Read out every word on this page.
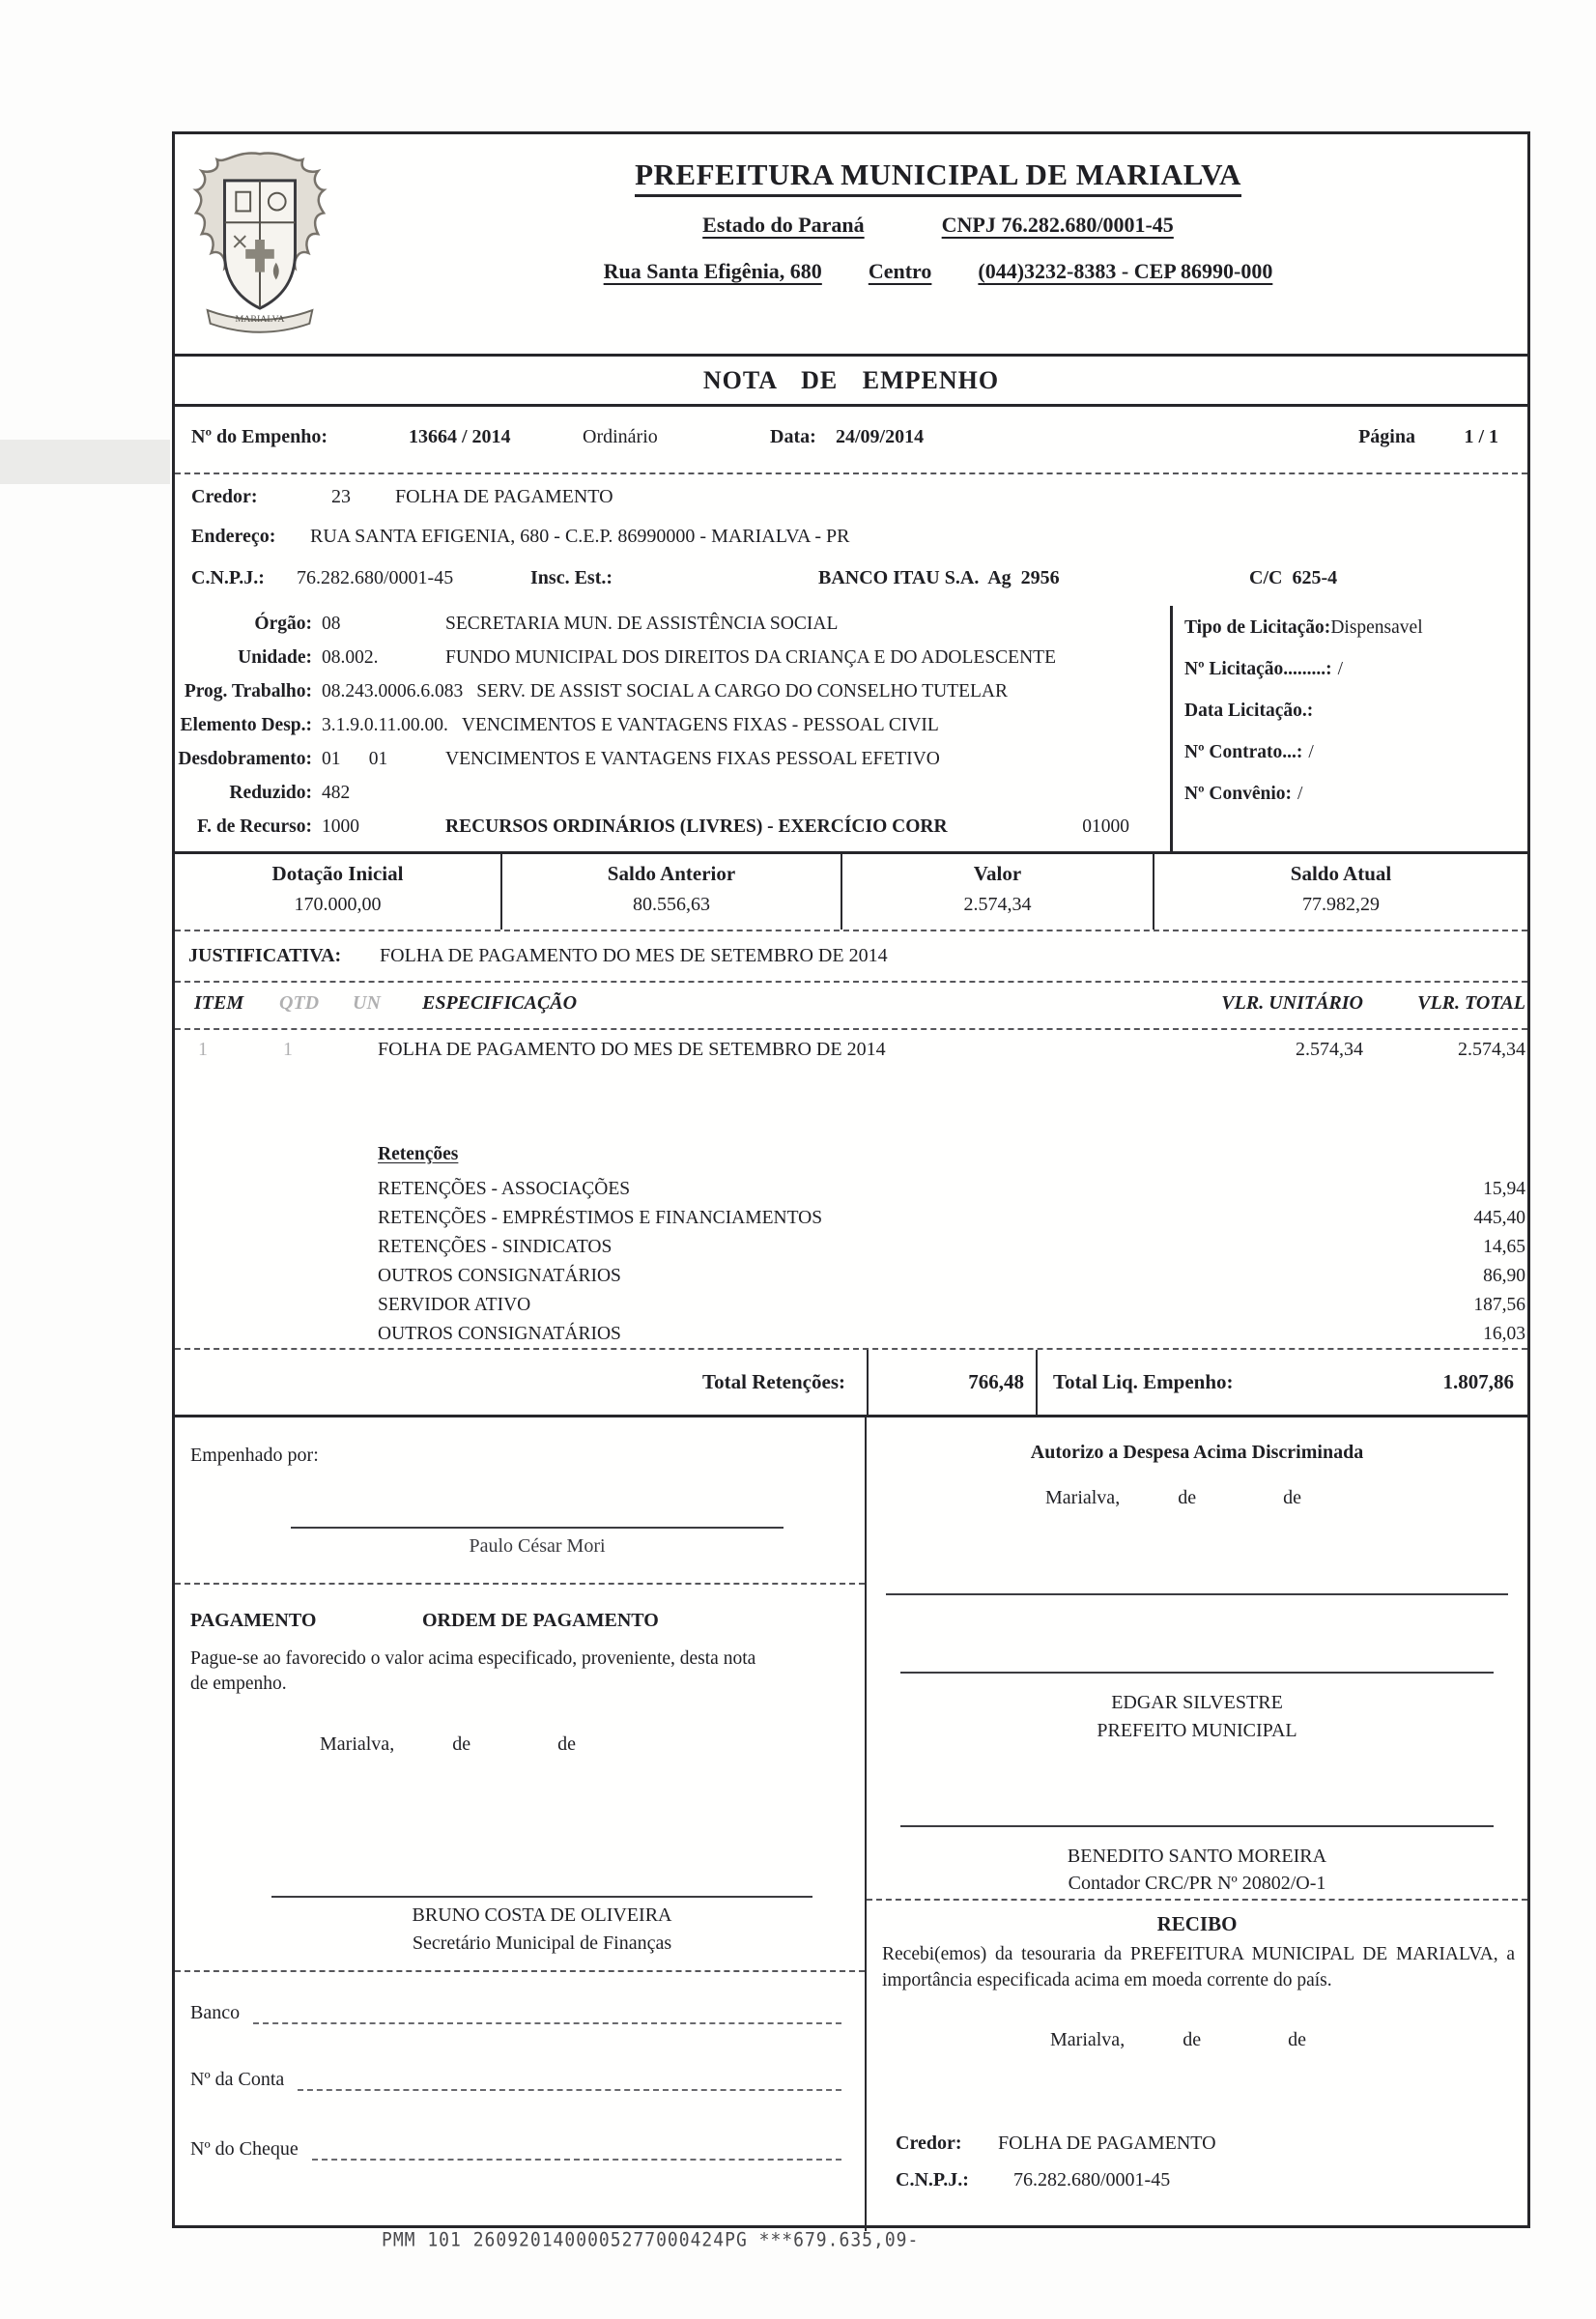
MARIALVA
PREFEITURA MUNICIPAL DE MARIALVA
Estado do Paraná	CNPJ 76.282.680/0001-45
Rua Santa Efigênia, 680 Centro (044)3232-8383 - CEP 86990-000
NOTA DE EMPENHO
Nº do Empenho:	13664 / 2014	Ordinário	Data: 24/09/2014	Página	1 / 1
Credor:	23 FOLHA DE PAGAMENTO
Endereço: RUA SANTA EFIGENIA, 680 - C.E.P. 86990000 - MARIALVA - PR
C.N.P.J.: 76.282.680/0001-45	Insc. Est.:	BANCO ITAU S.A.  Ag  2956	C/C  625-4
Órgão: 08	SECRETARIA MUN. DE ASSISTÊNCIA SOCIAL
Unidade: 08.002.	FUNDO MUNICIPAL DOS DIREITOS DA CRIANÇA E DO ADOLESCENTE
Prog. Trabalho: 08.243.0006.6.083 SERV. DE ASSIST SOCIAL A CARGO DO CONSELHO TUTELAR
Elemento Desp.: 3.1.9.0.11.00.00. VENCIMENTOS E VANTAGENS FIXAS - PESSOAL CIVIL
Desdobramento: 01      01	VENCIMENTOS E VANTAGENS FIXAS PESSOAL EFETIVO
Reduzido: 482
F. de Recurso: 1000	RECURSOS ORDINÁRIOS (LIVRES) - EXERCÍCIO CORR	01000
Tipo de Licitação:Dispensavel
Nº Licitação.........: /
Data Licitação.:
Nº Contrato...: /
Nº Convênio: /
Dotação Inicial
170.000,00
Saldo Anterior
80.556,63
Valor
2.574,34
Saldo Atual
77.982,29
JUSTIFICATIVA: FOLHA DE PAGAMENTO DO MES DE SETEMBRO DE 2014
ITEM QTD UN ESPECIFICAÇÃO	VLR. UNITÁRIO	VLR. TOTAL
1	1	FOLHA DE PAGAMENTO DO MES DE SETEMBRO DE 2014	2.574,34	2.574,34
Retenções
RETENÇÕES - ASSOCIAÇÕES	15,94
RETENÇÕES - EMPRÉSTIMOS E FINANCIAMENTOS	445,40
RETENÇÕES - SINDICATOS	14,65
OUTROS CONSIGNATÁRIOS	86,90
SERVIDOR ATIVO	187,56
OUTROS CONSIGNATÁRIOS	16,03
Total Retenções:	766,48	Total Liq. Empenho:	1.807,86
Empenhado por:
Paulo César Mori
PAGAMENTO	ORDEM DE PAGAMENTO
Pague-se ao favorecido o valor acima especificado, proveniente, desta nota de empenho.
Marialva,            de                  de
BRUNO COSTA DE OLIVEIRA
Secretário Municipal de Finanças
Banco
Nº da Conta
Nº do Cheque
Autorizo a Despesa Acima Discriminada
Marialva,            de                  de
EDGAR SILVESTRE
PREFEITO MUNICIPAL
BENEDITO SANTO MOREIRA
Contador CRC/PR Nº 20802/O-1
RECIBO
Recebi(emos) da tesouraria da PREFEITURA MUNICIPAL DE MARIALVA, a importância especificada acima em moeda corrente do país.
Marialva,            de                  de
Credor: FOLHA DE PAGAMENTO
C.N.P.J.: 76.282.680/0001-45
PMM 101 2609201400005277000424PG ***679.635,09-
